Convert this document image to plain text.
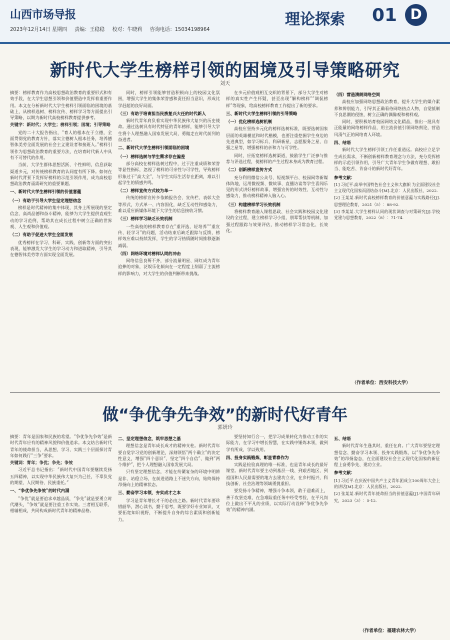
山西市场导报
2023年12月14日 星期四 责编：王稳稳 校对：牛晓莉 咨询电话：15034198964
理论探索 01 D
新时代大学生榜样引领的困境及引导策略研究
刘天

摘要：榜样教育作为高校思想政治教育的重要形式和有效手段，在大学生思想引领和价值塑造中发挥着重要作用。本文在分析新时代大学生榜样引领面临的困境的基础上，从榜样选树、榜样宣传、榜样学习等方面提出引导策略，以期为新时代高校榜样教育提供参考。

关键字：新时代；大学生；榜样引领；困境；引导策略

党的二十大报告指出，“育人的根本在于立德，全面贯彻党的教育方针，落实立德树人根本任务，培养德智体美劳全面发展的社会主义建设者和接班人。”榜样引领作为思想政治教育的重要方法，在培育时代新人中具有不可替代的作用。

当前，大学生群体思想活跃、个性鲜明，信息获取渠道多元，对传统榜样教育的认同度有所下降。如何在新时代背景下发挥好榜样的示范引领作用，成为高校思想政治教育亟需研究的重要课题。

一、新时代大学生榜样引领的价值意蕴

（一）有助于引导大学生坚定理想信念

榜样是时代精神的集中体现，其身上所展现的坚定信念、高尚品德和奋斗精神，能够为大学生提供直观生动的学习范例，帮助其在成长过程中树立正确的世界观、人生观和价值观。

（二）有助于促进大学生全面发展

优秀榜样在学习、科研、实践、创新等方面的突出表现，能够激发大学生的学习动力和进取精神，引导其在德智体美劳等方面实现全面发展。

同时，榜样引领能够营造积极向上的校园文化氛围，增强大学生的集体荣誉感和责任担当意识，形成比学赶超的良好局面。

（三）有助于培育担当民族复兴大任的时代新人

新时代青年肩负着实现中华民族伟大复兴的历史使命。通过选树具有时代特征的青年榜样，能够引导大学生将个人理想融入国家发展大局，勇做走在时代前列的奋进者。

二、新时代大学生榜样引领面临的困境

（一）榜样选树与学生需求存在偏差

部分高校在榜样选树过程中，过于注重成绩和荣誉等显性指标，忽视了榜样的可亲性与可学性，导致榜样形象过于“高大全”，与学生实际生活存在距离，难以引起学生的情感共鸣。

（二）榜样宣传方式较为单一

传统的榜样宣传多依赖报告会、宣传栏、表彰大会等形式，方式单一、内容固化，缺乏互动性和感染力，难以适应新媒体环境下大学生的信息接收习惯。

（三）榜样学习缺乏长效机制

一些高校的榜样教育存在“重评选、轻培养”“重宣传、轻学习”的问题，活动结束后缺乏跟踪与反馈，榜样效应难以持续发挥，学生的学习热情随时间推移逐渐减弱。

（四）网络环境对榜样认同的冲击

网络信息良莠不齐，部分流量明星、网红成为青年追捧的对象，泛娱乐化倾向在一定程度上削弱了主流榜样的影响力，对大学生的价值判断带来挑战。

在多元价值观相互交织的背景下，部分大学生对榜样的真实性产生怀疑，甚至出现“解构榜样”“调侃榜样”等现象，给高校榜样教育工作提出了新的要求。

三、新时代大学生榜样引领的引导策略

（一）优化榜样选树机制

高校应坚持多元化的榜样选树标准，既要选树国家层面的英雄模范和时代楷模，也要注重挖掘学生身边的先进典型，如学习标兵、科研新星、志愿服务之星、自强之星等，增强榜样的亲和力与可学性。

同时，应拓宽榜样选树渠道，鼓励学生广泛参与推荐与评选过程，使榜样的产生过程本身成为教育过程。

（二）创新榜样宣传方式

充分利用微信公众号、短视频平台、校园网等新媒体阵地，运用微视频、微故事、直播访谈等学生喜闻乐见的形式讲好榜样故事，增强宣传的时效性、互动性与感染力，推动榜样精神入脑入心。

（三）构建榜样学习长效机制

将榜样教育融入课程思政、社会实践和校园文化建设的全过程，建立榜样学习小组、朋辈帮扶等机制，加强过程跟踪与效果评估，推动榜样学习常态化、长效化。

（四）营造清朗网络空间

高校应加强网络思想政治教育，提升大学生的媒介素养和辨别能力，引导其正确看待网络热点人物，自觉抵制不良思潮的侵蚀，树立正确的偶像观和榜样观。

同时，要积极培育校园网络文化精品，推出一批具有正能量的网络榜样作品，用主流价值引领网络舆论，营造风清气正的网络育人环境。

四、结语

新时代大学生榜样引领工作任重道远。高校应立足学生成长需求，不断创新榜样教育理念与方法，充分发挥榜样的示范引领作用，引导广大青年学生争做有理想、敢担当、能吃苦、肯奋斗的新时代好青年。

参考文献：

[1] 习近平.高举中国特色社会主义伟大旗帜 为全面建设社会主义现代化国家而团结奋斗[M].北京：人民出版社，2022.

[2] 王某某.新时代高校榜样教育的价值意蕴与实践路径[J].思想理论教育，2021（5）：88-92.

[3] 李某某.大学生榜样认同的现状调查与对策研究[J].学校党建与思想教育，2022（8）：71-74.

（作者单位：西安科技大学）
做“争优争先争效”的新时代好青年
郭妍玲

摘要：青年是国家和民族的希望。“争优争先争效”是新时代青年应有的精神风貌和价值追求。本文结合新时代青年的使命担当，从思想、学习、实践三个层面探讨青年如何践行“三争”要求。

关键词：青年；争优；争先；争效

习近平总书记指出：“新时代中国青年要继续发扬五四精神，以实现中华民族伟大复兴为己任，不辜负党的期望、人民期待、民族重托。”

一、“争优争先争效”的时代内涵

“争优”就是要追求卓越品质，“争先”就是要勇立时代潮头，“争效”就是要注重工作实效。三者相互联系、相辅相成，共同构成新时代青年的精神品格。

二、坚定理想信念，筑牢思想之基

理想信念是青年成长成才的精神支柱。新时代青年要自觉学习党的创新理论，深刻领悟“两个确立”的决定性意义，增强“四个意识”、坚定“四个自信”、做到“两个维护”，把个人理想融入国家发展大局。

只有坚定理想信念，才能在纷繁复杂的环境中明辨是非、站稳立场，在前进道路上不迷失方向，始终保持昂扬向上的精神状态。

三、勤奋学习本领，夯实成才之本

学习是青年增长才干的必由之路。新时代青年要珍惜韶华，潜心读书，勤于思考，既要学好专业知识，又要拓宽知识视野，不断提升自身的综合素质和创新能力。

要坚持知行合一，把学习成果转化为推动工作的实际能力，在学习中增长智慧，在实践中锤炼本领，做到学有所成、学以致用。

四、投身实践锻炼，彰显青春作为

实践是检验真理的唯一标准，也是青年成长的最好课堂。新时代青年要主动到基层一线、到艰苦地区、到祖国和人民最需要的地方去建功立业，在乡村振兴、科技创新、社会治理等领域勇挑重担。

要发扬斗争精神，增强斗争本领，敢于迎难而上，善于攻坚克难，在急难险重任务中经受考验，在平凡岗位上做出不平凡的业绩，以实际行动诠释“争优争先争效”的精神内涵。

五、结语

新时代青年生逢其时，重任在肩。广大青年要坚定理想信念、勤奋学习本领、投身实践锻炼，以“争优争先争效”的昂扬姿态，在全面建设社会主义现代化国家的新征程上奋勇争先、建功立业。

参考文献：

[1] 习近平.在庆祝中国共产主义青年团成立100周年大会上的讲话[M].北京：人民出版社，2022.

[2] 张某某.新时代青年使命担当的价值意蕴[J].中国青年研究，2023（3）：5-12.

（作者单位：福建农林大学）
